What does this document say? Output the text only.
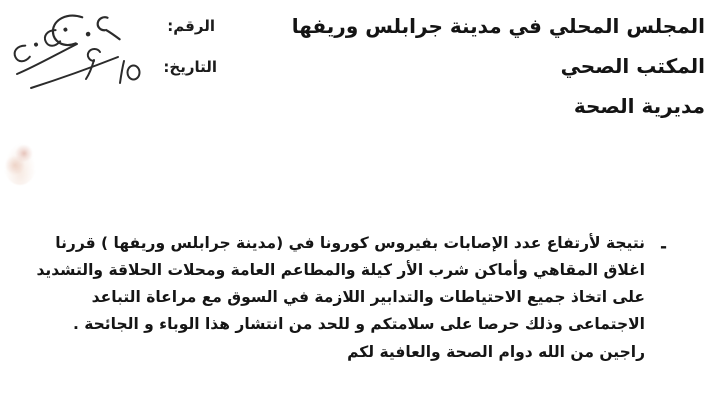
المجلس المحلي في مدينة جرابلس وريفها
المكتب الصحي
مديرية الصحة
الرقم:
التاريخ:
-
نتيجة لأرتفاع عدد الإصابات بفيروس كورونا في (مدينة جرابلس وريفها ) قررنا
اغلاق المقاهي وأماكن شرب الأر كيلة والمطاعم العامة ومحلات الحلاقة والتشديد
على اتخاذ جميع الاحتياطات والتدابير اللازمة في السوق مع مراعاة التباعد
الاجتماعى وذلك حرصا على سلامتكم و للحد من انتشار هذا الوباء و الجائحة .
راجين من الله دوام الصحة والعافية لكم
